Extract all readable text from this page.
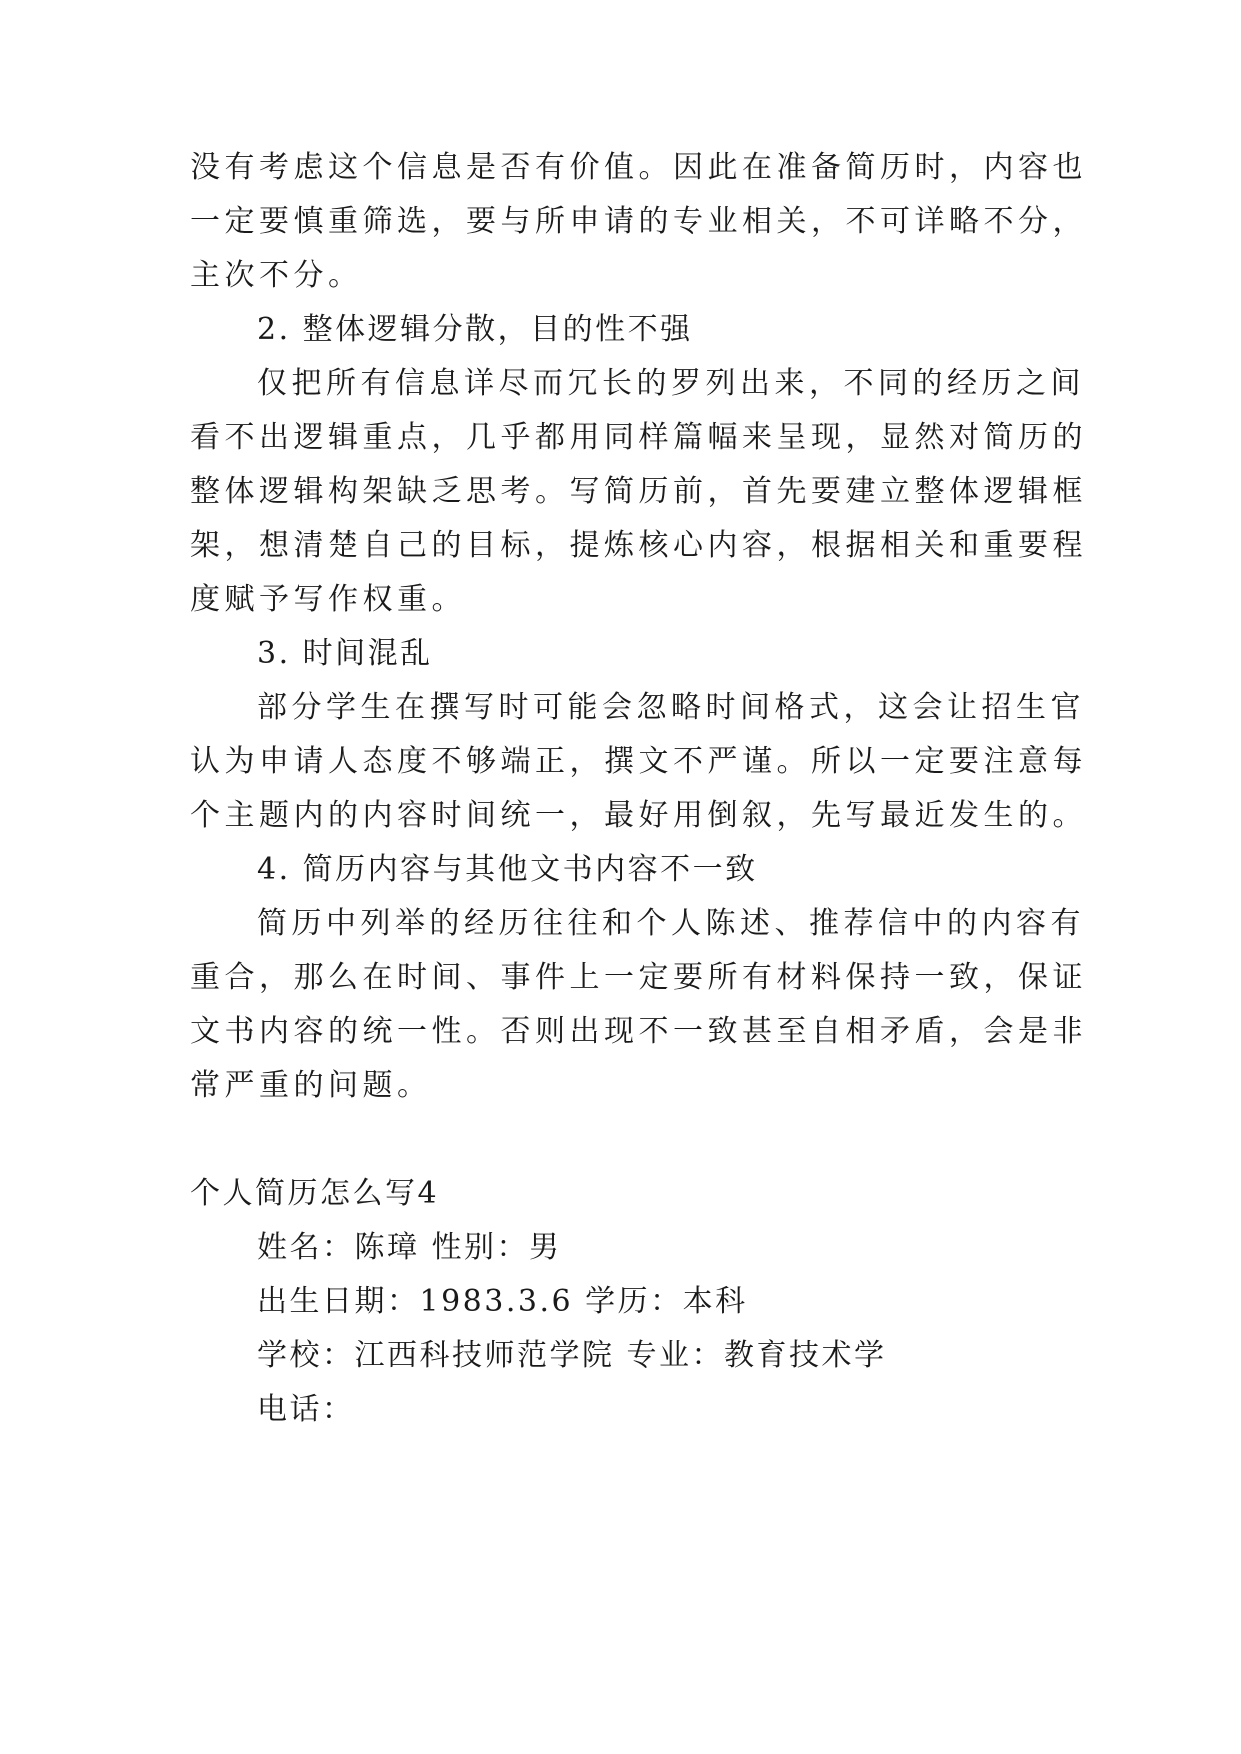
没有考虑这个信息是否有价值。因此在准备简历时，内容也
一定要慎重筛选，要与所申请的专业相关，不可详略不分，
主次不分。
2. 整体逻辑分散，目的性不强
仅把所有信息详尽而冗长的罗列出来，不同的经历之间
看不出逻辑重点，几乎都用同样篇幅来呈现，显然对简历的
整体逻辑构架缺乏思考。写简历前，首先要建立整体逻辑框
架，想清楚自己的目标，提炼核心内容，根据相关和重要程
度赋予写作权重。
3. 时间混乱
部分学生在撰写时可能会忽略时间格式，这会让招生官
认为申请人态度不够端正，撰文不严谨。所以一定要注意每
个主题内的内容时间统一，最好用倒叙，先写最近发生的。
4. 简历内容与其他文书内容不一致
简历中列举的经历往往和个人陈述、推荐信中的内容有
重合，那么在时间、事件上一定要所有材料保持一致，保证
文书内容的统一性。否则出现不一致甚至自相矛盾，会是非
常严重的问题。
个人简历怎么写4
姓名：陈璋 性别：男
出生日期：1983.3.6 学历：本科
学校：江西科技师范学院 专业：教育技术学
电话：
